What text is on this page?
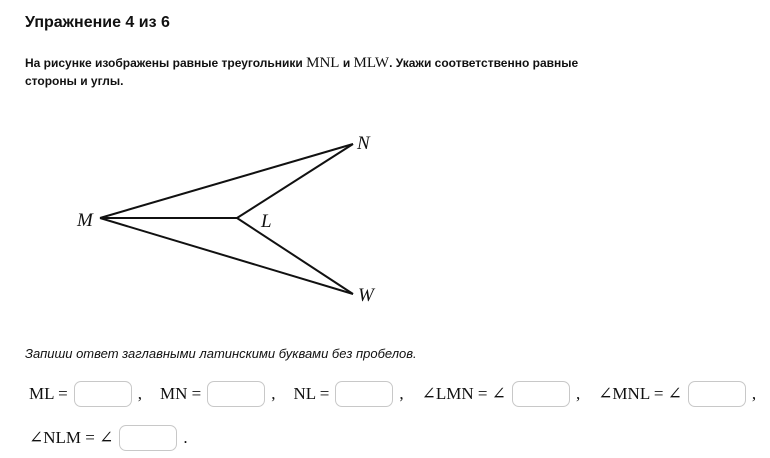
Упражнение 4 из 6
На рисунке изображены равные треугольники MNL и MLW. Укажи соответственно равные стороны и углы.
M
N
L
W
Запиши ответ заглавными латинскими буквами без пробелов.
ML =	, MN =	, NL =	, ∠LMN = ∠	, ∠MNL = ∠	,
∠NLM = ∠	.
